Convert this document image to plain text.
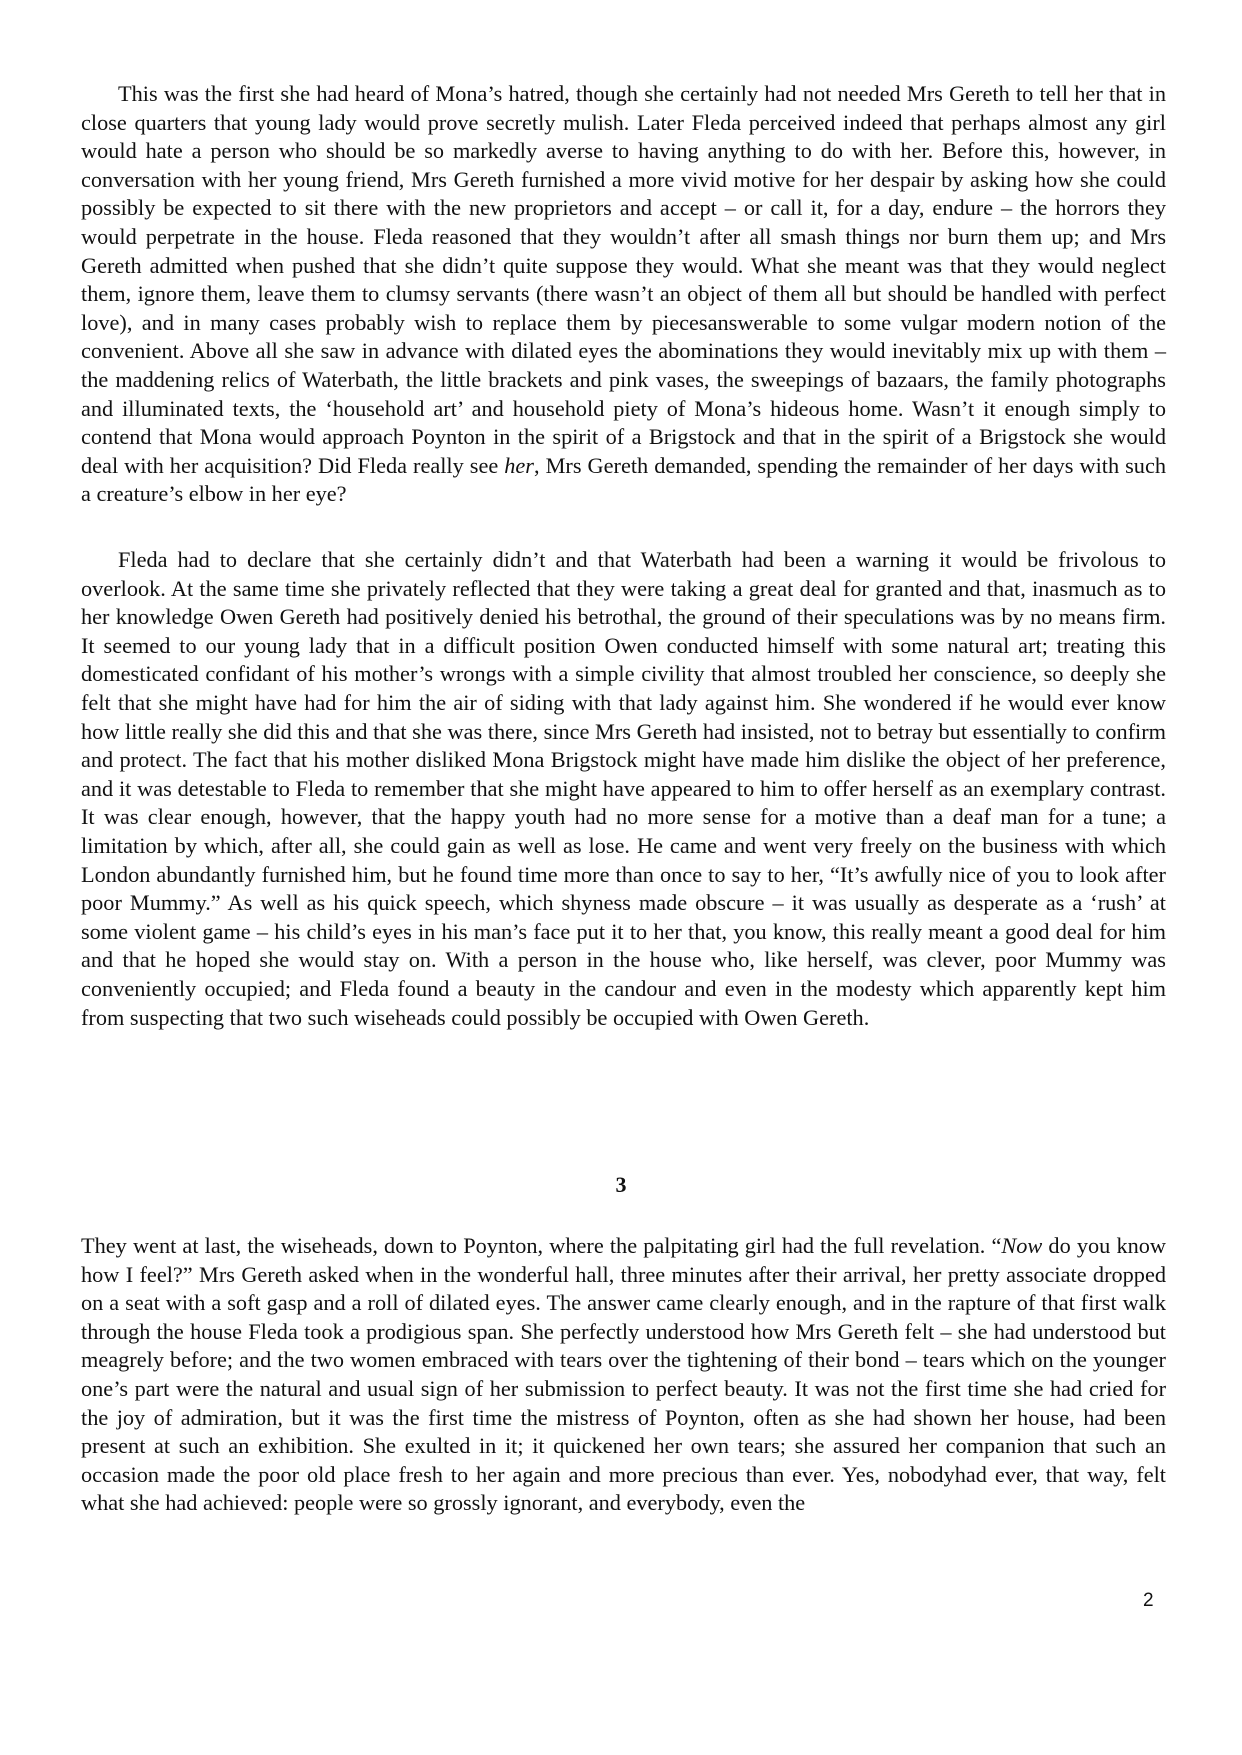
This was the first she had heard of Mona’s hatred, though she certainly had not needed Mrs Gereth to tell her that in close quarters that young lady would prove secretly mulish. Later Fleda perceived indeed that perhaps almost any girl would hate a person who should be so markedly averse to having anything to do with her. Before this, however, in conversation with her young friend, Mrs Gereth furnished a more vivid motive for her despair by asking how she could possibly be expected to sit there with the new proprietors and accept – or call it, for a day, endure – the horrors they would perpetrate in the house. Fleda reasoned that they wouldn’t after all smash things nor burn them up; and Mrs Gereth admitted when pushed that she didn’t quite suppose they would. What she meant was that they would neglect them, ignore them, leave them to clumsy servants (there wasn’t an object of them all but should be handled with perfect love), and in many cases probably wish to replace them by piecesanswerable to some vulgar modern notion of the convenient. Above all she saw in advance with dilated eyes the abominations they would inevitably mix up with them – the maddening relics of Waterbath, the little brackets and pink vases, the sweepings of bazaars, the family photographs and illuminated texts, the ‘household art’ and household piety of Mona’s hideous home. Wasn’t it enough simply to contend that Mona would approach Poynton in the spirit of a Brigstock and that in the spirit of a Brigstock she would deal with her acquisition? Did Fleda really see her, Mrs Gereth demanded, spending the remainder of her days with such a creature’s elbow in her eye?

Fleda had to declare that she certainly didn’t and that Waterbath had been a warning it would be frivolous to overlook. At the same time she privately reflected that they were taking a great deal for granted and that, inasmuch as to her knowledge Owen Gereth had positively denied his betrothal, the ground of their speculations was by no means firm. It seemed to our young lady that in a difficult position Owen conducted himself with some natural art; treating this domesticated confidant of his mother’s wrongs with a simple civility that almost troubled her conscience, so deeply she felt that she might have had for him the air of siding with that lady against him. She wondered if he would ever know how little really she did this and that she was there, since Mrs Gereth had insisted, not to betray but essentially to confirm and protect. The fact that his mother disliked Mona Brigstock might have made him dislike the object of her preference, and it was detestable to Fleda to remember that she might have appeared to him to offer herself as an exemplary contrast. It was clear enough, however, that the happy youth had no more sense for a motive than a deaf man for a tune; a limitation by which, after all, she could gain as well as lose. He came and went very freely on the business with which London abundantly furnished him, but he found time more than once to say to her, “It’s awfully nice of you to look after poor Mummy.” As well as his quick speech, which shyness made obscure – it was usually as desperate as a ‘rush’ at some violent game – his child’s eyes in his man’s face put it to her that, you know, this really meant a good deal for him and that he hoped she would stay on. With a person in the house who, like herself, was clever, poor Mummy was conveniently occupied; and Fleda found a beauty in the candour and even in the modesty which apparently kept him from suspecting that two such wiseheads could possibly be occupied with Owen Gereth.

3

They went at last, the wiseheads, down to Poynton, where the palpitating girl had the full revelation. “Now do you know how I feel?” Mrs Gereth asked when in the wonderful hall, three minutes after their arrival, her pretty associate dropped on a seat with a soft gasp and a roll of dilated eyes. The answer came clearly enough, and in the rapture of that first walk through the house Fleda took a prodigious span. She perfectly understood how Mrs Gereth felt – she had understood but meagrely before; and the two women embraced with tears over the tightening of their bond – tears which on the younger one’s part were the natural and usual sign of her submission to perfect beauty. It was not the first time she had cried for the joy of admiration, but it was the first time the mistress of Poynton, often as she had shown her house, had been present at such an exhibition. She exulted in it; it quickened her own tears; she assured her companion that such an occasion made the poor old place fresh to her again and more precious than ever. Yes, nobodyhad ever, that way, felt what she had achieved: people were so grossly ignorant, and everybody, even the

2
